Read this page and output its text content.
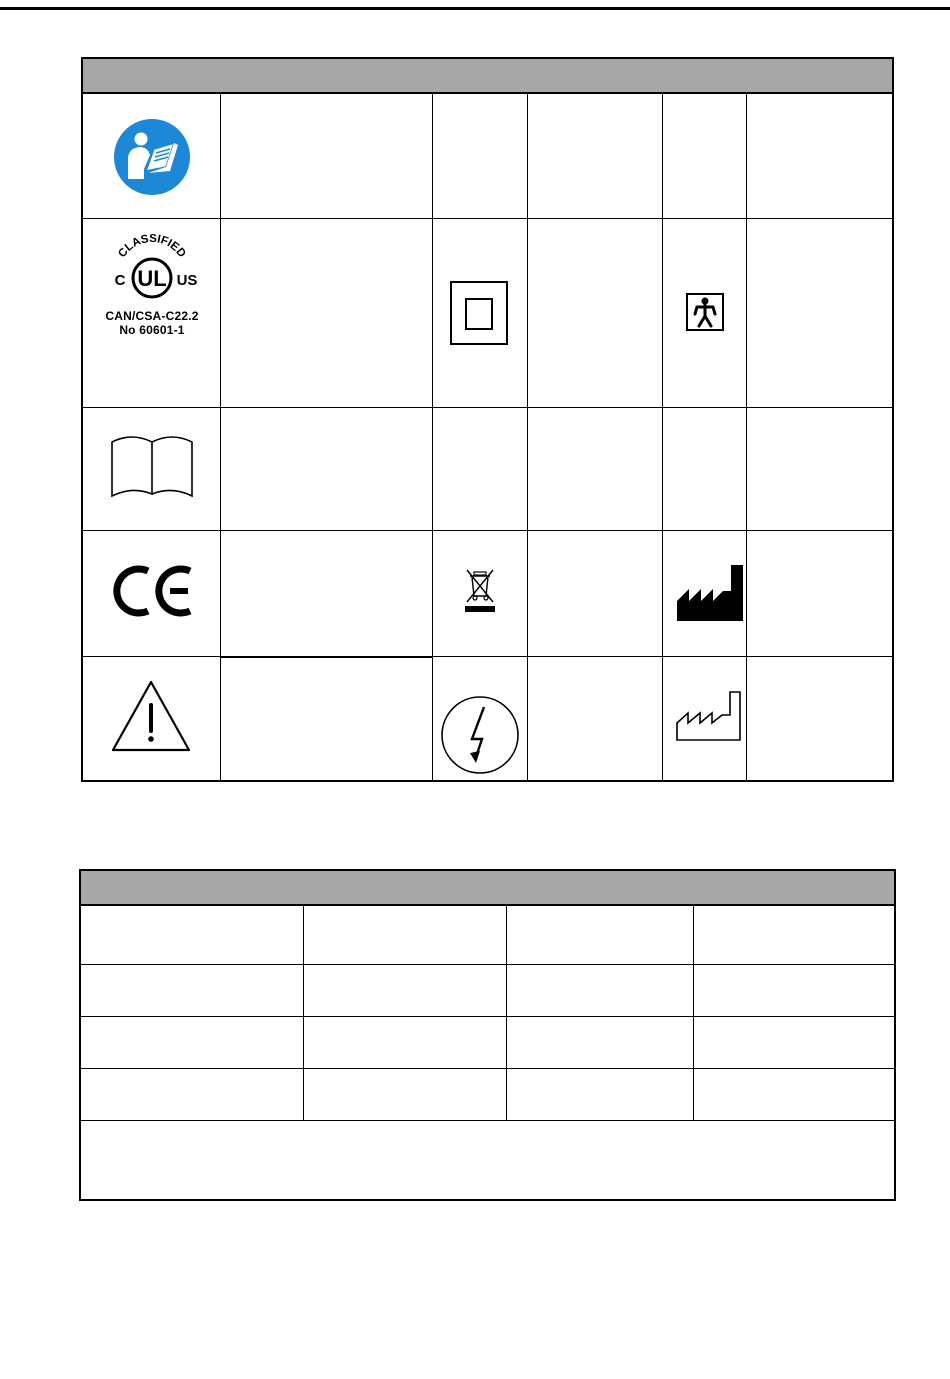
CLASSIFIED
UL
C	US
CAN/CSA-C22.2
No 60601-1
